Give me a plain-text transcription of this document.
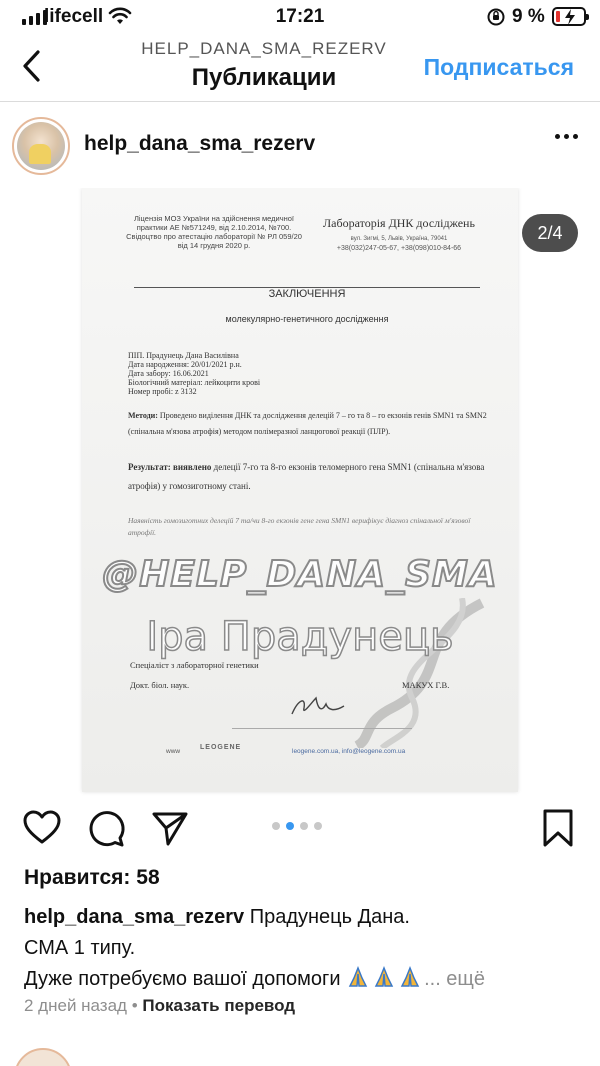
lifecell	17:21	9 %
HELP_DANA_SMA_REZERV
Публикации	Подписаться
help_dana_sma_rezerv
Ліцензія МОЗ України на здійснення медичної практики АЕ №571249, від 2.10.2014, №700. Свідоцтво про атестацію лабораторії № РЛ 059/20 від 14 грудня 2020 р.
Лабораторія ДНК досліджень
вул. Зигмі, 5, Львів, Україна, 79041
+38(032)247-05-67, +38(098)010-84-66
ЗАКЛЮЧЕННЯ
молекулярно-генетичного дослідження
ПІП. Прадунець Дана Василівна
Дата народження: 20/01/2021 р.н.
Дата забору: 16.06.2021
Біологічний матеріал: лейкоцити крові
Номер пробі: z 3132
Методи: Проведено виділення ДНК та дослідження делецій 7 – го та 8 – го екзонів генів SMN1 та SMN2 (спінальна м'язова атрофія) методом полімеразної ланцюгової реакції (ПЛР).
Результат: виявлено делеції 7-го та 8-го екзонів теломерного гена SMN1 (спінальна м'язова атрофія) у гомозиготному стані.
Наявність гомозиготних делецій 7 та/чи 8-го екзонів гене гена SMN1 верифікує діагноз спінальної м'язової атрофії.
Спеціаліст з лабораторної генетики
Докт. біол. наук.	МАКУХ Г.В.
www
LEOGENE
leogene.com.ua, info@leogene.com.ua
@HELP_DANA_SMA
Іра Прадунець
2/4
Нравится: 58
help_dana_sma_rezerv Прадунець Дана.
СМА 1 типу.
Дуже потребуємо вашої допомоги	... ещё
2 дней назад • Показать перевод
